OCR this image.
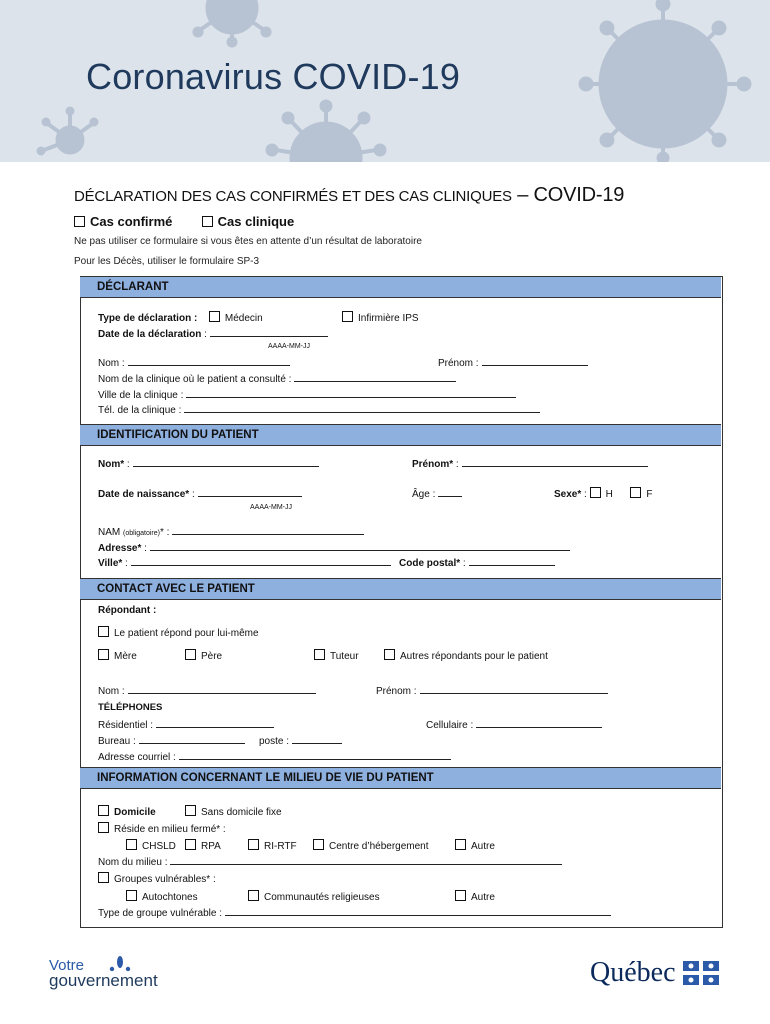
Coronavirus COVID-19
DÉCLARATION DES CAS CONFIRMÉS ET DES CAS CLINIQUES – COVID-19
Cas confirmé	Cas clinique
Ne pas utiliser ce formulaire si vous êtes en attente d’un résultat de laboratoire
Pour les Décès, utiliser le formulaire SP-3
DÉCLARANT
Type de déclaration :	Médecin	Infirmière IPS
Date de la déclaration :
AAAA-MM-JJ
Nom :	Prénom :
Nom de la clinique où le patient a consulté :
Ville de la clinique :
Tél. de la clinique :
IDENTIFICATION DU PATIENT
Nom* :	Prénom* :
Date de naissance* :
AAAA-MM-JJ
Âge :	Sexe* : H	F
NAM (obligatoire)* :
Adresse* :
Ville* :	Code postal* :
CONTACT AVEC LE PATIENT
Répondant :
Le patient répond pour lui-même
Mère	Père	Tuteur	Autres répondants pour le patient
Nom :	Prénom :
TÉLÉPHONES
Résidentiel :	Cellulaire :
Bureau :	poste :
Adresse courriel :
INFORMATION CONCERNANT LE MILIEU DE VIE DU PATIENT
Domicile	Sans domicile fixe
Réside en milieu fermé* :
CHSLD	RPA	RI-RTF	Centre d’hébergement	Autre
Nom du milieu :
Groupes vulnérables* :
Autochtones	Communautés religieuses	Autre
Type de groupe vulnérable :
Votre
gouvernement	Québec
